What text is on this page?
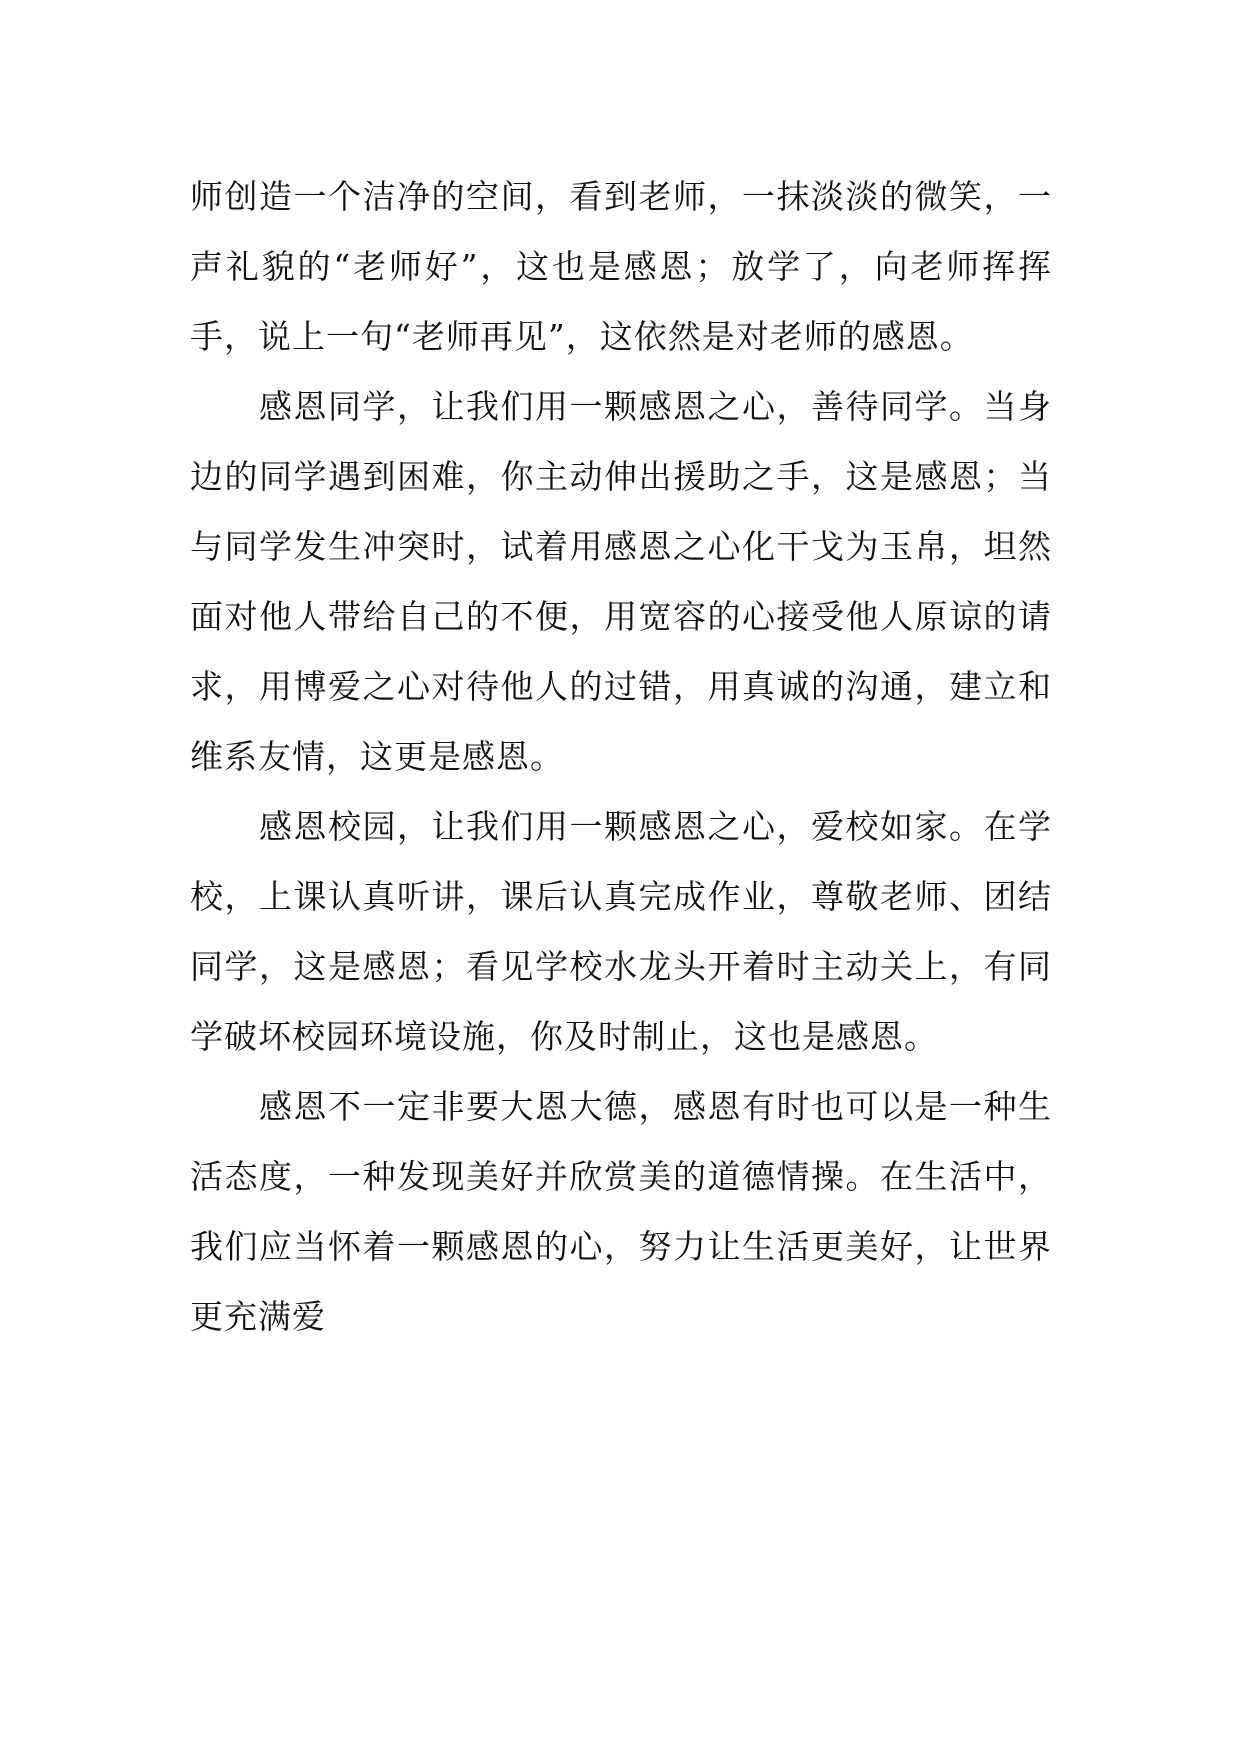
师创造一个洁净的空间，看到老师，一抹淡淡的微笑，一
声礼貌的“老师好”，这也是感恩；放学了，向老师挥挥
手，说上一句“老师再见”，这依然是对老师的感恩。
　　感恩同学，让我们用一颗感恩之心，善待同学。当身
边的同学遇到困难，你主动伸出援助之手，这是感恩；当
与同学发生冲突时，试着用感恩之心化干戈为玉帛，坦然
面对他人带给自己的不便，用宽容的心接受他人原谅的请
求，用博爱之心对待他人的过错，用真诚的沟通，建立和
维系友情，这更是感恩。
　　感恩校园，让我们用一颗感恩之心，爱校如家。在学
校，上课认真听讲，课后认真完成作业，尊敬老师、团结
同学，这是感恩；看见学校水龙头开着时主动关上，有同
学破坏校园环境设施，你及时制止，这也是感恩。
　　感恩不一定非要大恩大德，感恩有时也可以是一种生
活态度，一种发现美好并欣赏美的道德情操。在生活中，
我们应当怀着一颗感恩的心，努力让生活更美好，让世界
更充满爱
